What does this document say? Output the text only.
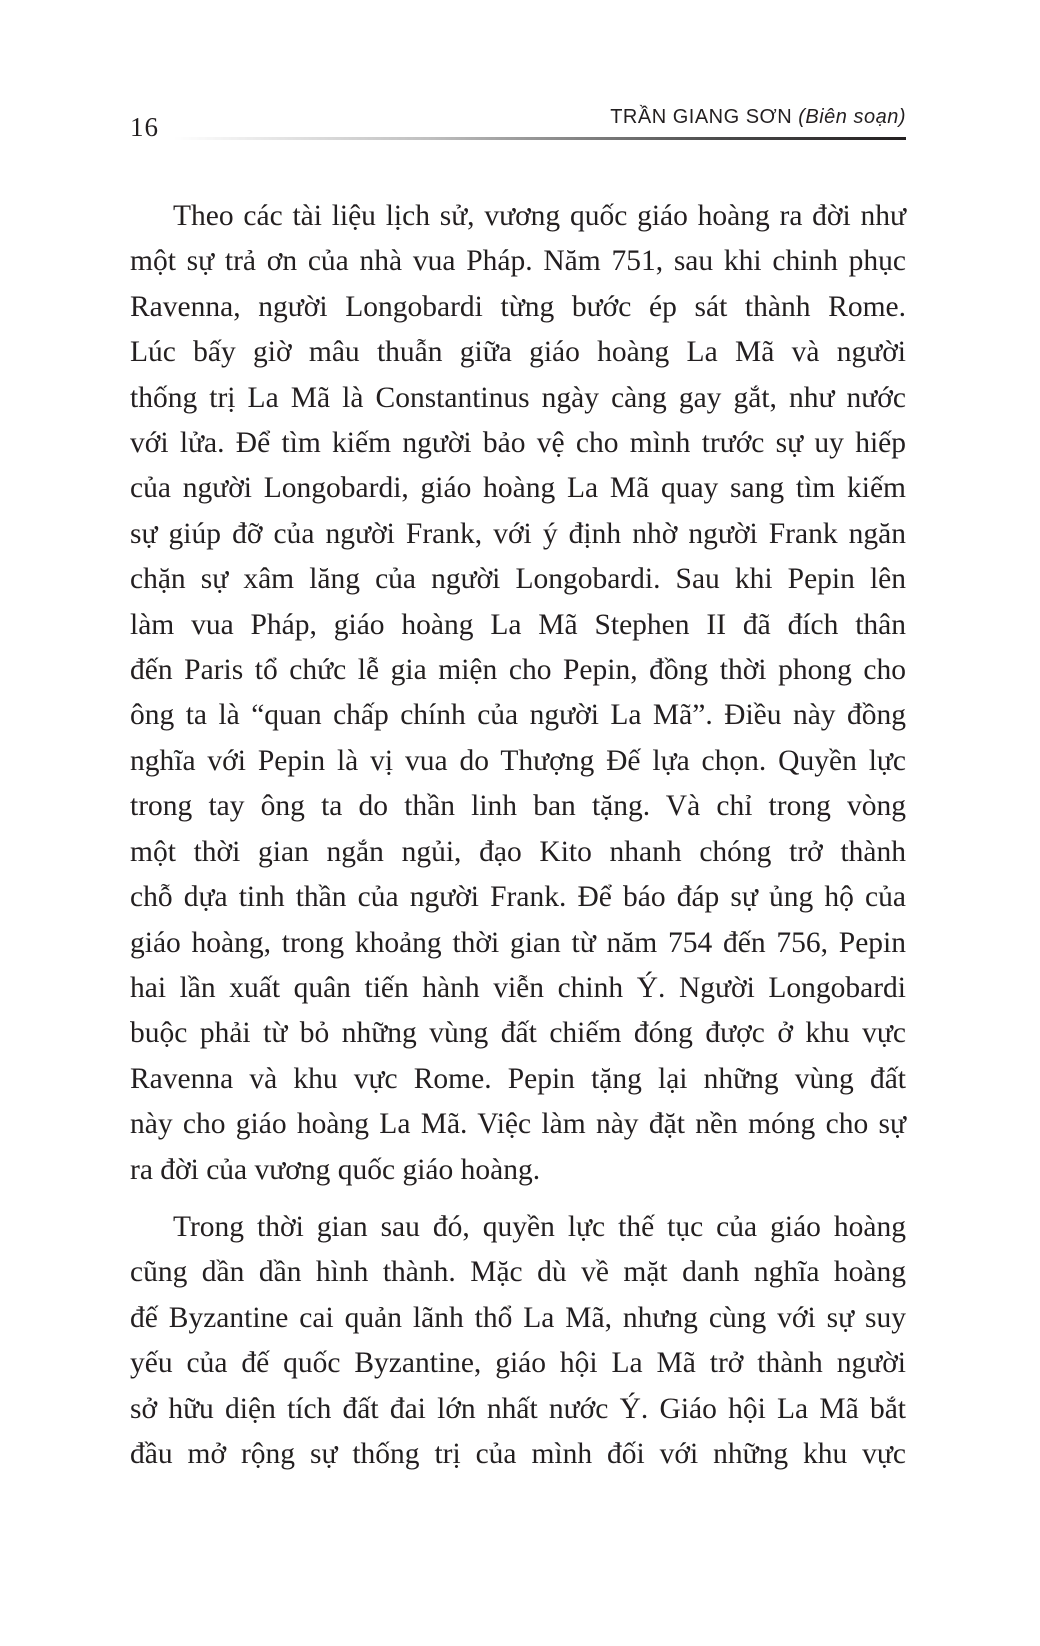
16	TRẦN GIANG SƠN (Biên soạn)

Theo các tài liệu lịch sử, vương quốc giáo hoàng ra đời như
một sự trả ơn của nhà vua Pháp. Năm 751, sau khi chinh phục
Ravenna, người Longobardi từng bước ép sát thành Rome.
Lúc bấy giờ mâu thuẫn giữa giáo hoàng La Mã và người
thống trị La Mã là Constantinus ngày càng gay gắt, như nước
với lửa. Để tìm kiếm người bảo vệ cho mình trước sự uy hiếp
của người Longobardi, giáo hoàng La Mã quay sang tìm kiếm
sự giúp đỡ của người Frank, với ý định nhờ người Frank ngăn
chặn sự xâm lăng của người Longobardi. Sau khi Pepin lên
làm vua Pháp, giáo hoàng La Mã Stephen II đã đích thân
đến Paris tổ chức lễ gia miện cho Pepin, đồng thời phong cho
ông ta là “quan chấp chính của người La Mã”. Điều này đồng
nghĩa với Pepin là vị vua do Thượng Đế lựa chọn. Quyền lực
trong tay ông ta do thần linh ban tặng. Và chỉ trong vòng
một thời gian ngắn ngủi, đạo Kito nhanh chóng trở thành
chỗ dựa tinh thần của người Frank. Để báo đáp sự ủng hộ của
giáo hoàng, trong khoảng thời gian từ năm 754 đến 756, Pepin
hai lần xuất quân tiến hành viễn chinh Ý. Người Longobardi
buộc phải từ bỏ những vùng đất chiếm đóng được ở khu vực
Ravenna và khu vực Rome. Pepin tặng lại những vùng đất
này cho giáo hoàng La Mã. Việc làm này đặt nền móng cho sự
ra đời của vương quốc giáo hoàng.

Trong thời gian sau đó, quyền lực thế tục của giáo hoàng
cũng dần dần hình thành. Mặc dù về mặt danh nghĩa hoàng
đế Byzantine cai quản lãnh thổ La Mã, nhưng cùng với sự suy
yếu của đế quốc Byzantine, giáo hội La Mã trở thành người
sở hữu diện tích đất đai lớn nhất nước Ý. Giáo hội La Mã bắt
đầu mở rộng sự thống trị của mình đối với những khu vực
